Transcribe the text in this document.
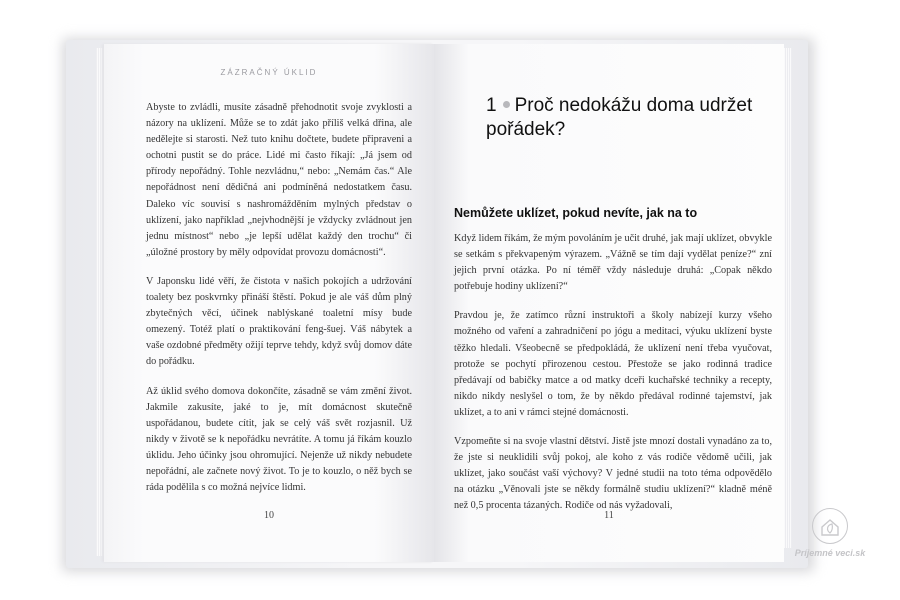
ZÁZRAČNÝ ÚKLID

Abyste to zvládli, musíte zásadně přehodnotit svoje zvyklosti a názory na uklízení. Může se to zdát jako příliš velká dřina, ale nedělejte si starosti. Než tuto knihu dočtete, budete připraveni a ochotni pustit se do práce. Lidé mi často říkají: „Já jsem od přírody nepořádný. Tohle nezvládnu,“ nebo: „Nemám čas.“ Ale nepořádnost není dědičná ani podmíněná nedostatkem času. Daleko víc souvisí s nashromážděním mylných představ o uklízení, jako například „nejvhodnější je vždycky zvládnout jen jednu místnost“ nebo „je lepší udělat každý den trochu“ či „úložné prostory by měly odpovídat provozu domácnosti“.

V Japonsku lidé věří, že čistota v našich pokojích a udržování toalety bez poskvrnky přináší štěstí. Pokud je ale váš dům plný zbytečných věcí, účinek nablýskané toaletní mísy bude omezený. Totéž platí o praktikování feng-šuej. Váš nábytek a vaše ozdobné předměty ožijí teprve tehdy, když svůj domov dáte do pořádku.

Až úklid svého domova dokončíte, zásadně se vám změní život. Jakmile zakusíte, jaké to je, mít domácnost skutečně uspořádanou, budete cítit, jak se celý váš svět rozjasnil. Už nikdy v životě se k nepořádku nevrátíte. A tomu já říkám kouzlo úklidu. Jeho účinky jsou ohromující. Nejenže už nikdy nebudete nepořádní, ale začnete nový život. To je to kouzlo, o něž bych se ráda podělila s co možná nejvíce lidmi.

10
1 Proč nedokážu doma udržet pořádek?
Nemůžete uklízet, pokud nevíte, jak na to

Když lidem říkám, že mým povoláním je učit druhé, jak mají uklízet, obvykle se setkám s překvapeným výrazem. „Vážně se tím dají vydělat peníze?“ zní jejich první otázka. Po ní téměř vždy následuje druhá: „Copak někdo potřebuje hodiny uklízení?“

Pravdou je, že zatímco různí instruktoři a školy nabízejí kurzy všeho možného od vaření a zahradničení po jógu a meditaci, výuku uklízení byste těžko hledali. Všeobecně se předpokládá, že uklízení není třeba vyučovat, protože se pochytí přirozenou cestou. Přestože se jako rodinná tradice předávají od babičky matce a od matky dceři kuchařské techniky a recepty, nikdo nikdy neslyšel o tom, že by někdo předával rodinné tajemství, jak uklízet, a to ani v rámci stejné domácnosti.

Vzpomeňte si na svoje vlastní dětství. Jistě jste mnozí dostali vynadáno za to, že jste si neuklidili svůj pokoj, ale koho z vás rodiče vědomě učili, jak uklízet, jako součást vaší výchovy? V jedné studii na toto téma odpovědělo na otázku „Věnovali jste se někdy formálně studiu uklízení?“ kladně méně než 0,5 procenta tázaných. Rodiče od nás vyžadovali,

11
Príjemné veci.sk
